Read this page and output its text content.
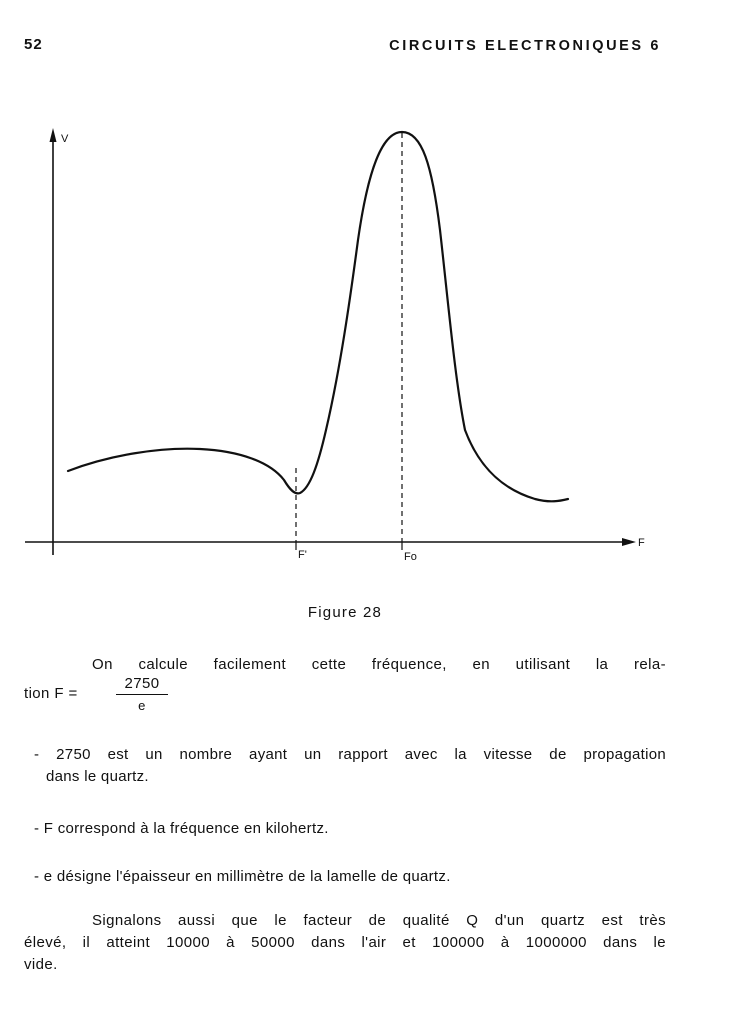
52	CIRCUITS ELECTRONIQUES 6
V
F
F'	Fo
Figure 28
On calcule facilement cette fréquence, en utilisant la rela-
tion F =	$\frac{2750}{e}$
- 2750 est un nombre ayant un rapport avec la vitesse de propagation
dans le quartz.
- F correspond à la fréquence en kilohertz.
- e désigne l'épaisseur en millimètre de la lamelle de quartz.
Signalons aussi que le facteur de qualité Q d'un quartz est très
élevé, il atteint 10000 à 50000 dans l'air et 100000 à 1000000 dans le
vide.
